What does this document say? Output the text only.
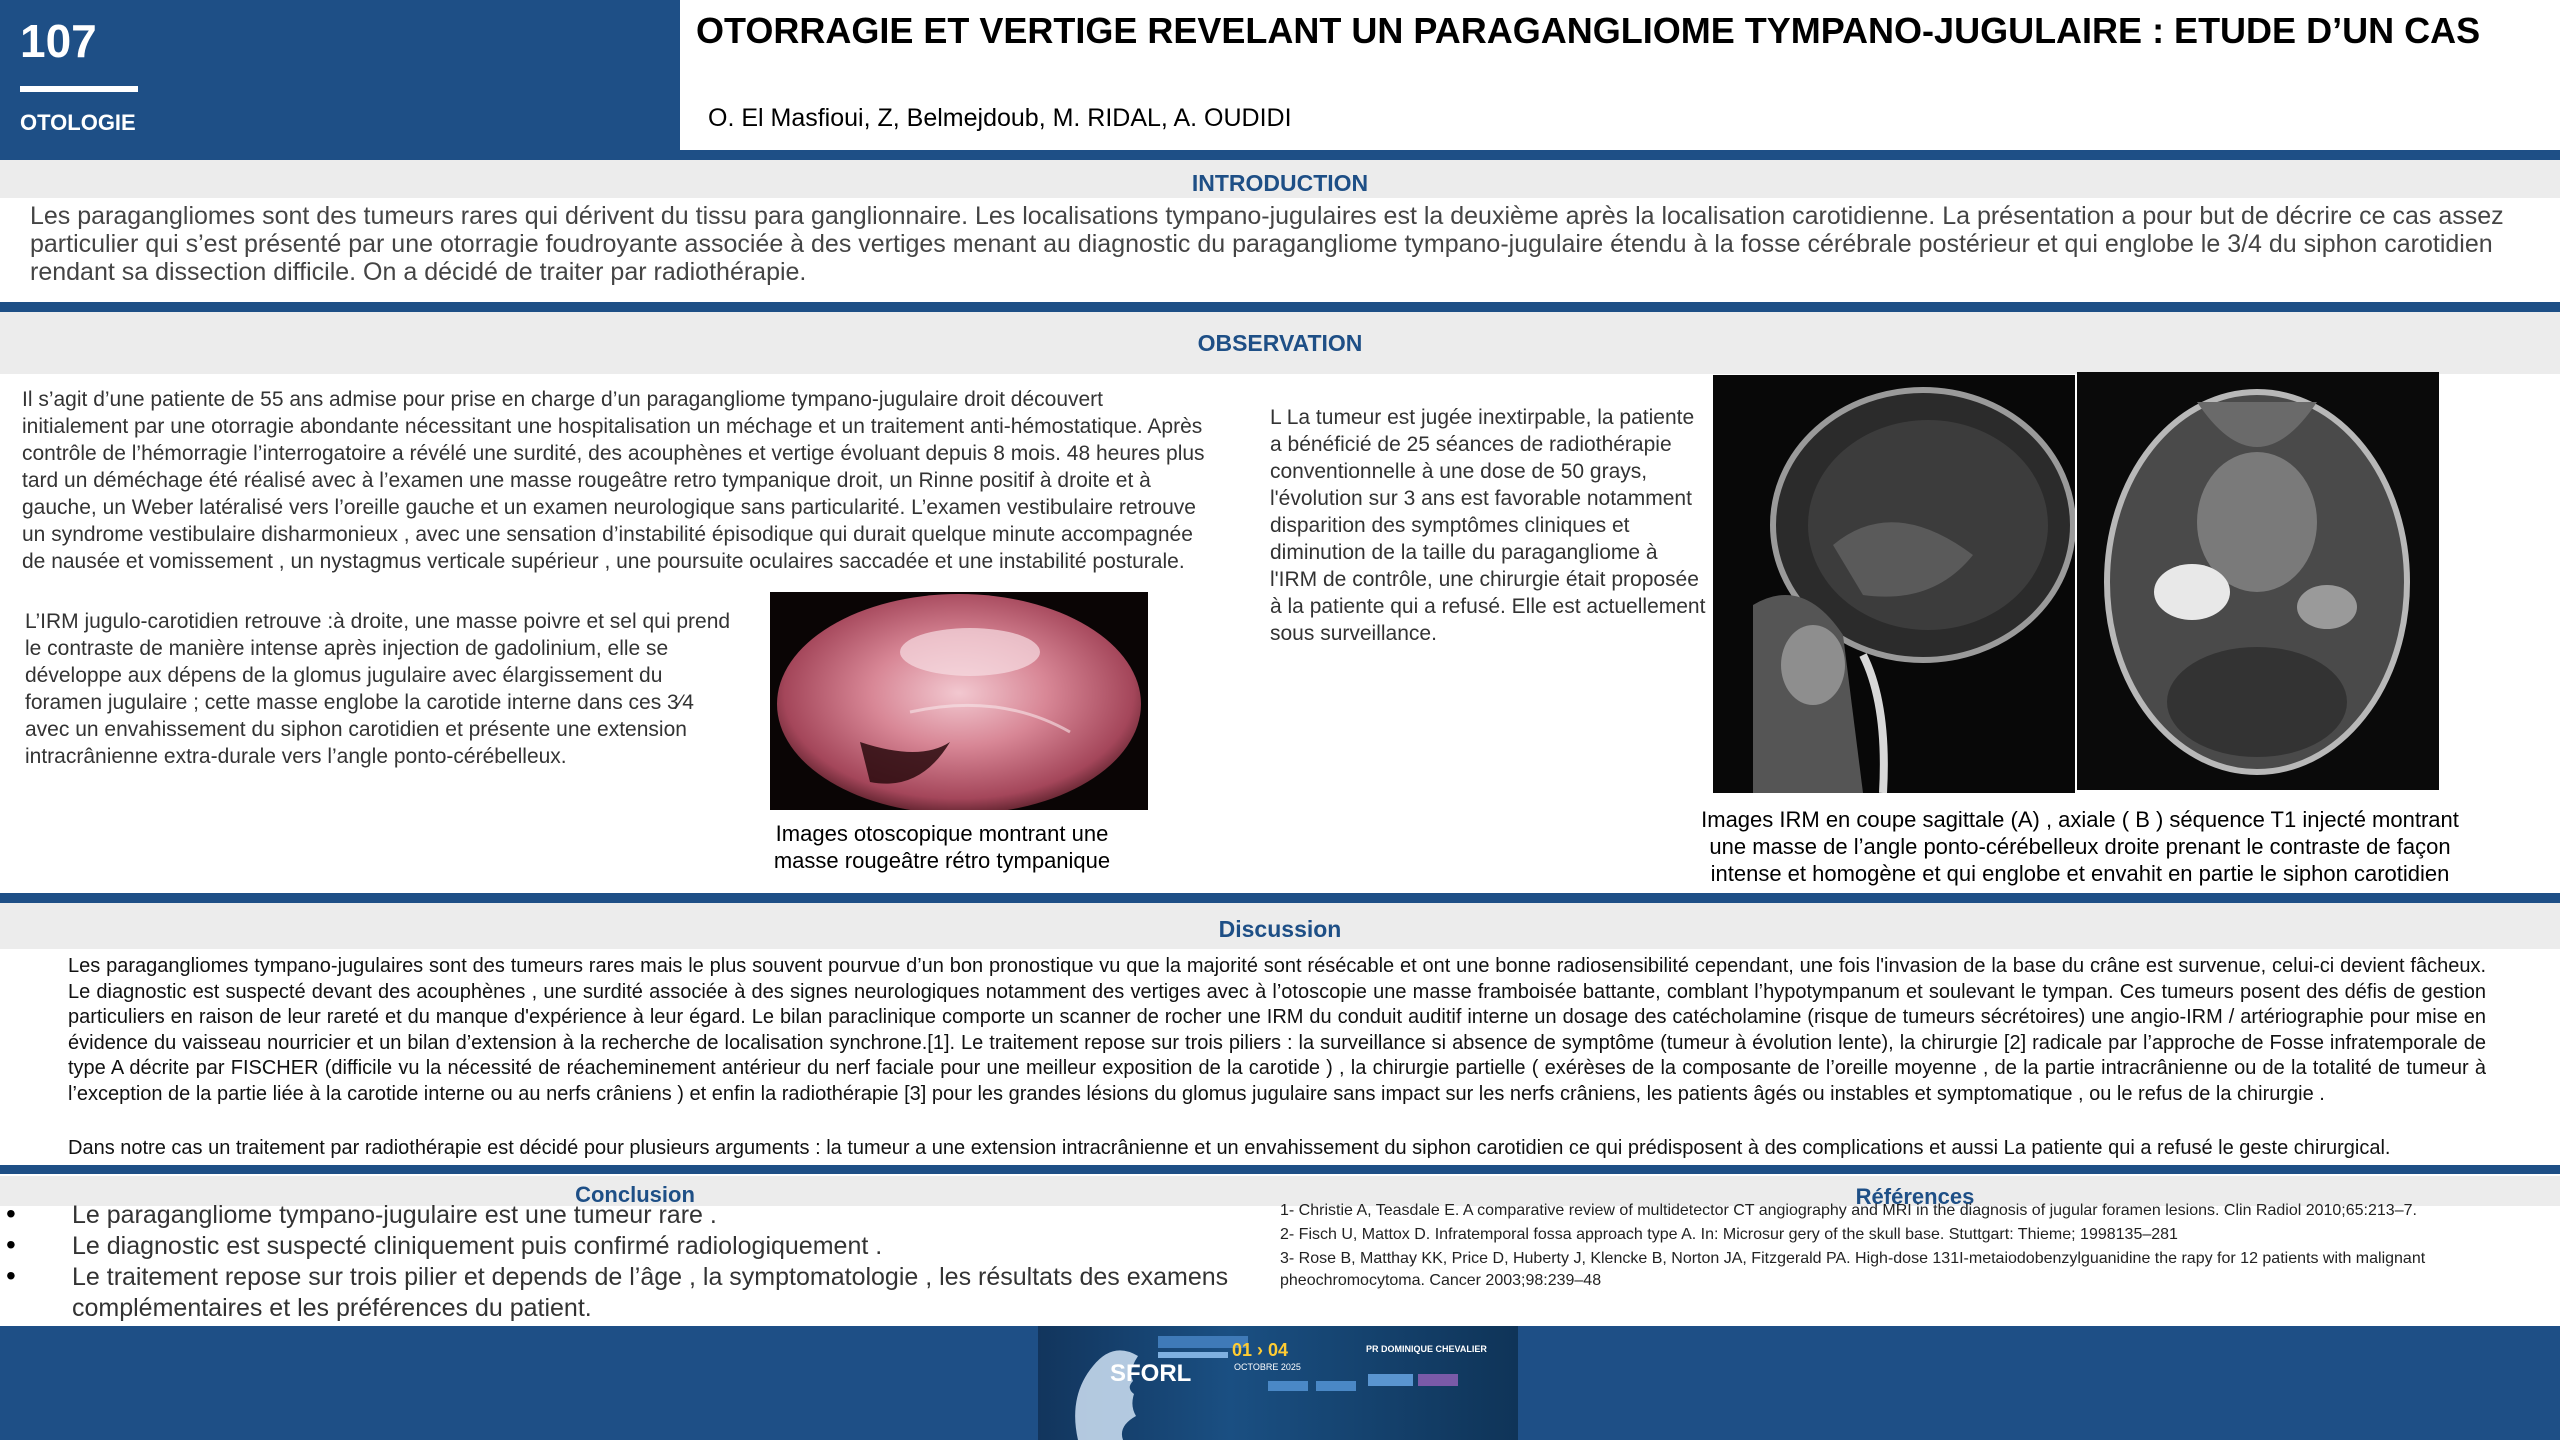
107
OTOLOGIE
OTORRAGIE ET VERTIGE REVELANT UN PARAGANGLIOME TYMPANO-JUGULAIRE : ETUDE D’UN CAS
O. El Masfioui, Z, Belmejdoub, M. RIDAL, A. OUDIDI
INTRODUCTION
Les paragangliomes sont des tumeurs rares qui dérivent du tissu para ganglionnaire. Les localisations tympano-jugulaires est la deuxième après la localisation carotidienne. La présentation a pour but de décrire ce cas assez particulier qui s’est présenté par une otorragie foudroyante associée à des vertiges menant au diagnostic du paragangliome tympano-jugulaire étendu à la fosse cérébrale postérieur et qui englobe le 3/4 du siphon carotidien rendant sa dissection difficile. On a décidé de traiter par radiothérapie.
OBSERVATION
Il s’agit d’une patiente de 55 ans admise pour prise en charge d’un paragangliome tympano-jugulaire droit découvert initialement par une otorragie abondante nécessitant une hospitalisation un méchage et un traitement anti-hémostatique. Après contrôle de l’hémorragie l’interrogatoire a révélé une surdité, des acouphènes et vertige évoluant depuis 8 mois. 48 heures plus tard un déméchage été réalisé avec à l’examen une masse rougeâtre retro tympanique droit, un Rinne positif à droite et à gauche, un Weber latéralisé vers l’oreille gauche et un examen neurologique sans particularité. L’examen vestibulaire retrouve un syndrome vestibulaire disharmonieux , avec une sensation d’instabilité épisodique qui durait quelque minute accompagnée de nausée et vomissement , un nystagmus verticale supérieur , une poursuite oculaires saccadée et une instabilité posturale.
L’IRM jugulo-carotidien retrouve :à droite, une masse poivre et sel qui prend le contraste de manière intense après injection de gadolinium, elle se développe aux dépens de la glomus jugulaire avec élargissement du foramen jugulaire ; cette masse englobe la carotide interne dans ces 3⁄4 avec un envahissement du siphon carotidien et présente une extension intracrânienne extra-durale vers l’angle ponto-cérébelleux.
Images otoscopique montrant une masse rougeâtre rétro tympanique
L La tumeur est jugée inextirpable, la patiente a bénéficié de 25 séances de radiothérapie conventionnelle à une dose de 50 grays, l'évolution sur 3 ans est favorable notamment disparition des symptômes cliniques et diminution de la taille du paragangliome à l'IRM de contrôle, une chirurgie était proposée à la patiente qui a refusé. Elle est actuellement sous surveillance.
Images IRM en coupe sagittale (A) , axiale ( B ) séquence T1 injecté montrant une masse de l’angle ponto-cérébelleux droite prenant le contraste de façon intense et homogène et qui englobe et envahit en partie le siphon carotidien
Discussion
Les paragangliomes tympano-jugulaires sont des tumeurs rares mais le plus souvent pourvue d’un bon pronostique vu que la majorité sont résécable et ont une bonne radiosensibilité cependant, une fois l'invasion de la base du crâne est survenue, celui-ci devient fâcheux. Le diagnostic est suspecté devant des acouphènes , une surdité associée à des signes neurologiques notamment des vertiges avec à l’otoscopie une masse framboisée battante, comblant l’hypotympanum et soulevant le tympan. Ces tumeurs posent des défis de gestion particuliers en raison de leur rareté et du manque d'expérience à leur égard. Le bilan paraclinique comporte un scanner de rocher une IRM du conduit auditif interne un dosage des catécholamine (risque de tumeurs sécrétoires) une angio-IRM / artériographie pour mise en évidence du vaisseau nourricier et un bilan d’extension à la recherche de localisation synchrone.[1]. Le traitement repose sur trois piliers : la surveillance si absence de symptôme (tumeur à évolution lente), la chirurgie [2] radicale par l’approche de Fosse infratemporale de type A décrite par FISCHER (difficile vu la nécessité de réacheminement antérieur du nerf faciale pour une meilleur exposition de la carotide ) , la chirurgie partielle ( exérèses de la composante de l’oreille moyenne , de la partie intracrânienne ou de la totalité de tumeur à l’exception de la partie liée à la carotide interne ou au nerfs crâniens ) et enfin la radiothérapie [3] pour les grandes lésions du glomus jugulaire sans impact sur les nerfs crâniens, les patients âgés ou instables et symptomatique , ou le refus de la chirurgie .
Dans notre cas un traitement par radiothérapie est décidé pour plusieurs arguments : la tumeur a une extension intracrânienne et un envahissement du siphon carotidien ce qui prédisposent à des complications et aussi La patiente qui a refusé le geste chirurgical.
Conclusion	Références
• Le paragangliome tympano-jugulaire est une tumeur rare .
• Le diagnostic est suspecté cliniquement puis confirmé radiologiquement .
• Le traitement repose sur trois pilier et depends de l’âge , la symptomatologie , les résultats des examens complémentaires et les préférences du patient.
1- Christie A, Teasdale E. A comparative review of multidetector CT angiography and MRI in the diagnosis of jugular foramen lesions. Clin Radiol 2010;65:213–7.
2- Fisch U, Mattox D. Infratemporal fossa approach type A. In: Microsur gery of the skull base. Stuttgart: Thieme; 1998135–281
3- Rose B, Matthay KK, Price D, Huberty J, Klencke B, Norton JA, Fitzgerald PA. High-dose 131I-metaiodobenzylguanidine the rapy for 12 patients with malignant pheochromocytoma. Cancer 2003;98:239–48
SFORL
01 › 04
OCTOBRE 2025
PR DOMINIQUE CHEVALIER
